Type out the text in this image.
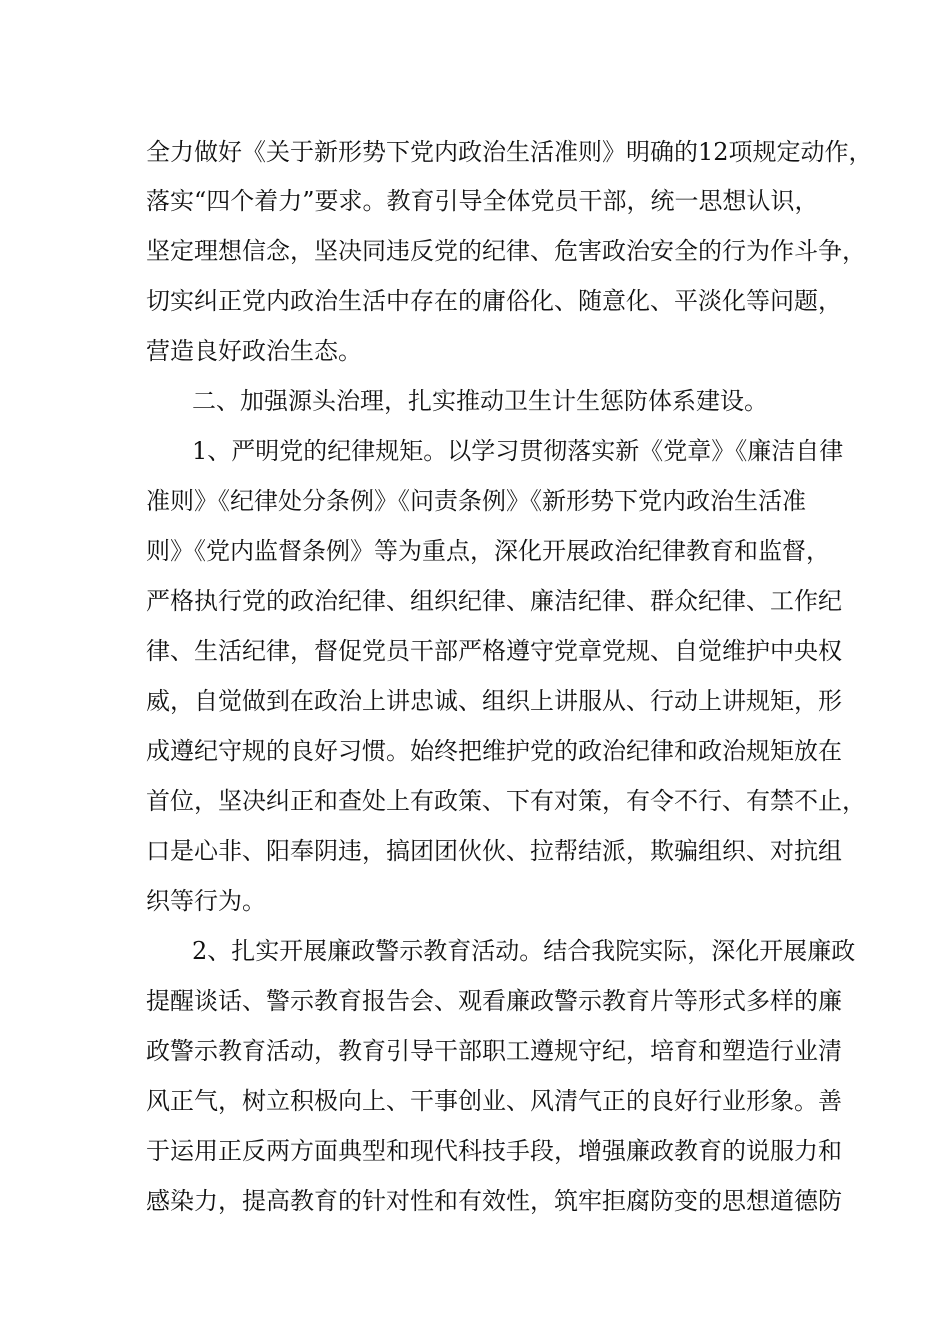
全力做好《关于新形势下党内政治生活准则》明确的12项规定动作，

落实“四个着力”要求。教育引导全体党员干部，统一思想认识，

坚定理想信念，坚决同违反党的纪律、危害政治安全的行为作斗争，

切实纠正党内政治生活中存在的庸俗化、随意化、平淡化等问题，

营造良好政治生态。

二、加强源头治理，扎实推动卫生计生惩防体系建设。

1、严明党的纪律规矩。以学习贯彻落实新《党章》《廉洁自律

准则》《纪律处分条例》《问责条例》《新形势下党内政治生活准

则》《党内监督条例》等为重点，深化开展政治纪律教育和监督，

严格执行党的政治纪律、组织纪律、廉洁纪律、群众纪律、工作纪

律、生活纪律，督促党员干部严格遵守党章党规、自觉维护中央权

威，自觉做到在政治上讲忠诚、组织上讲服从、行动上讲规矩，形

成遵纪守规的良好习惯。始终把维护党的政治纪律和政治规矩放在

首位，坚决纠正和查处上有政策、下有对策，有令不行、有禁不止，

口是心非、阳奉阴违，搞团团伙伙、拉帮结派，欺骗组织、对抗组

织等行为。

2、扎实开展廉政警示教育活动。结合我院实际，深化开展廉政

提醒谈话、警示教育报告会、观看廉政警示教育片等形式多样的廉

政警示教育活动，教育引导干部职工遵规守纪，培育和塑造行业清

风正气，树立积极向上、干事创业、风清气正的良好行业形象。善

于运用正反两方面典型和现代科技手段，增强廉政教育的说服力和

感染力，提高教育的针对性和有效性，筑牢拒腐防变的思想道德防
